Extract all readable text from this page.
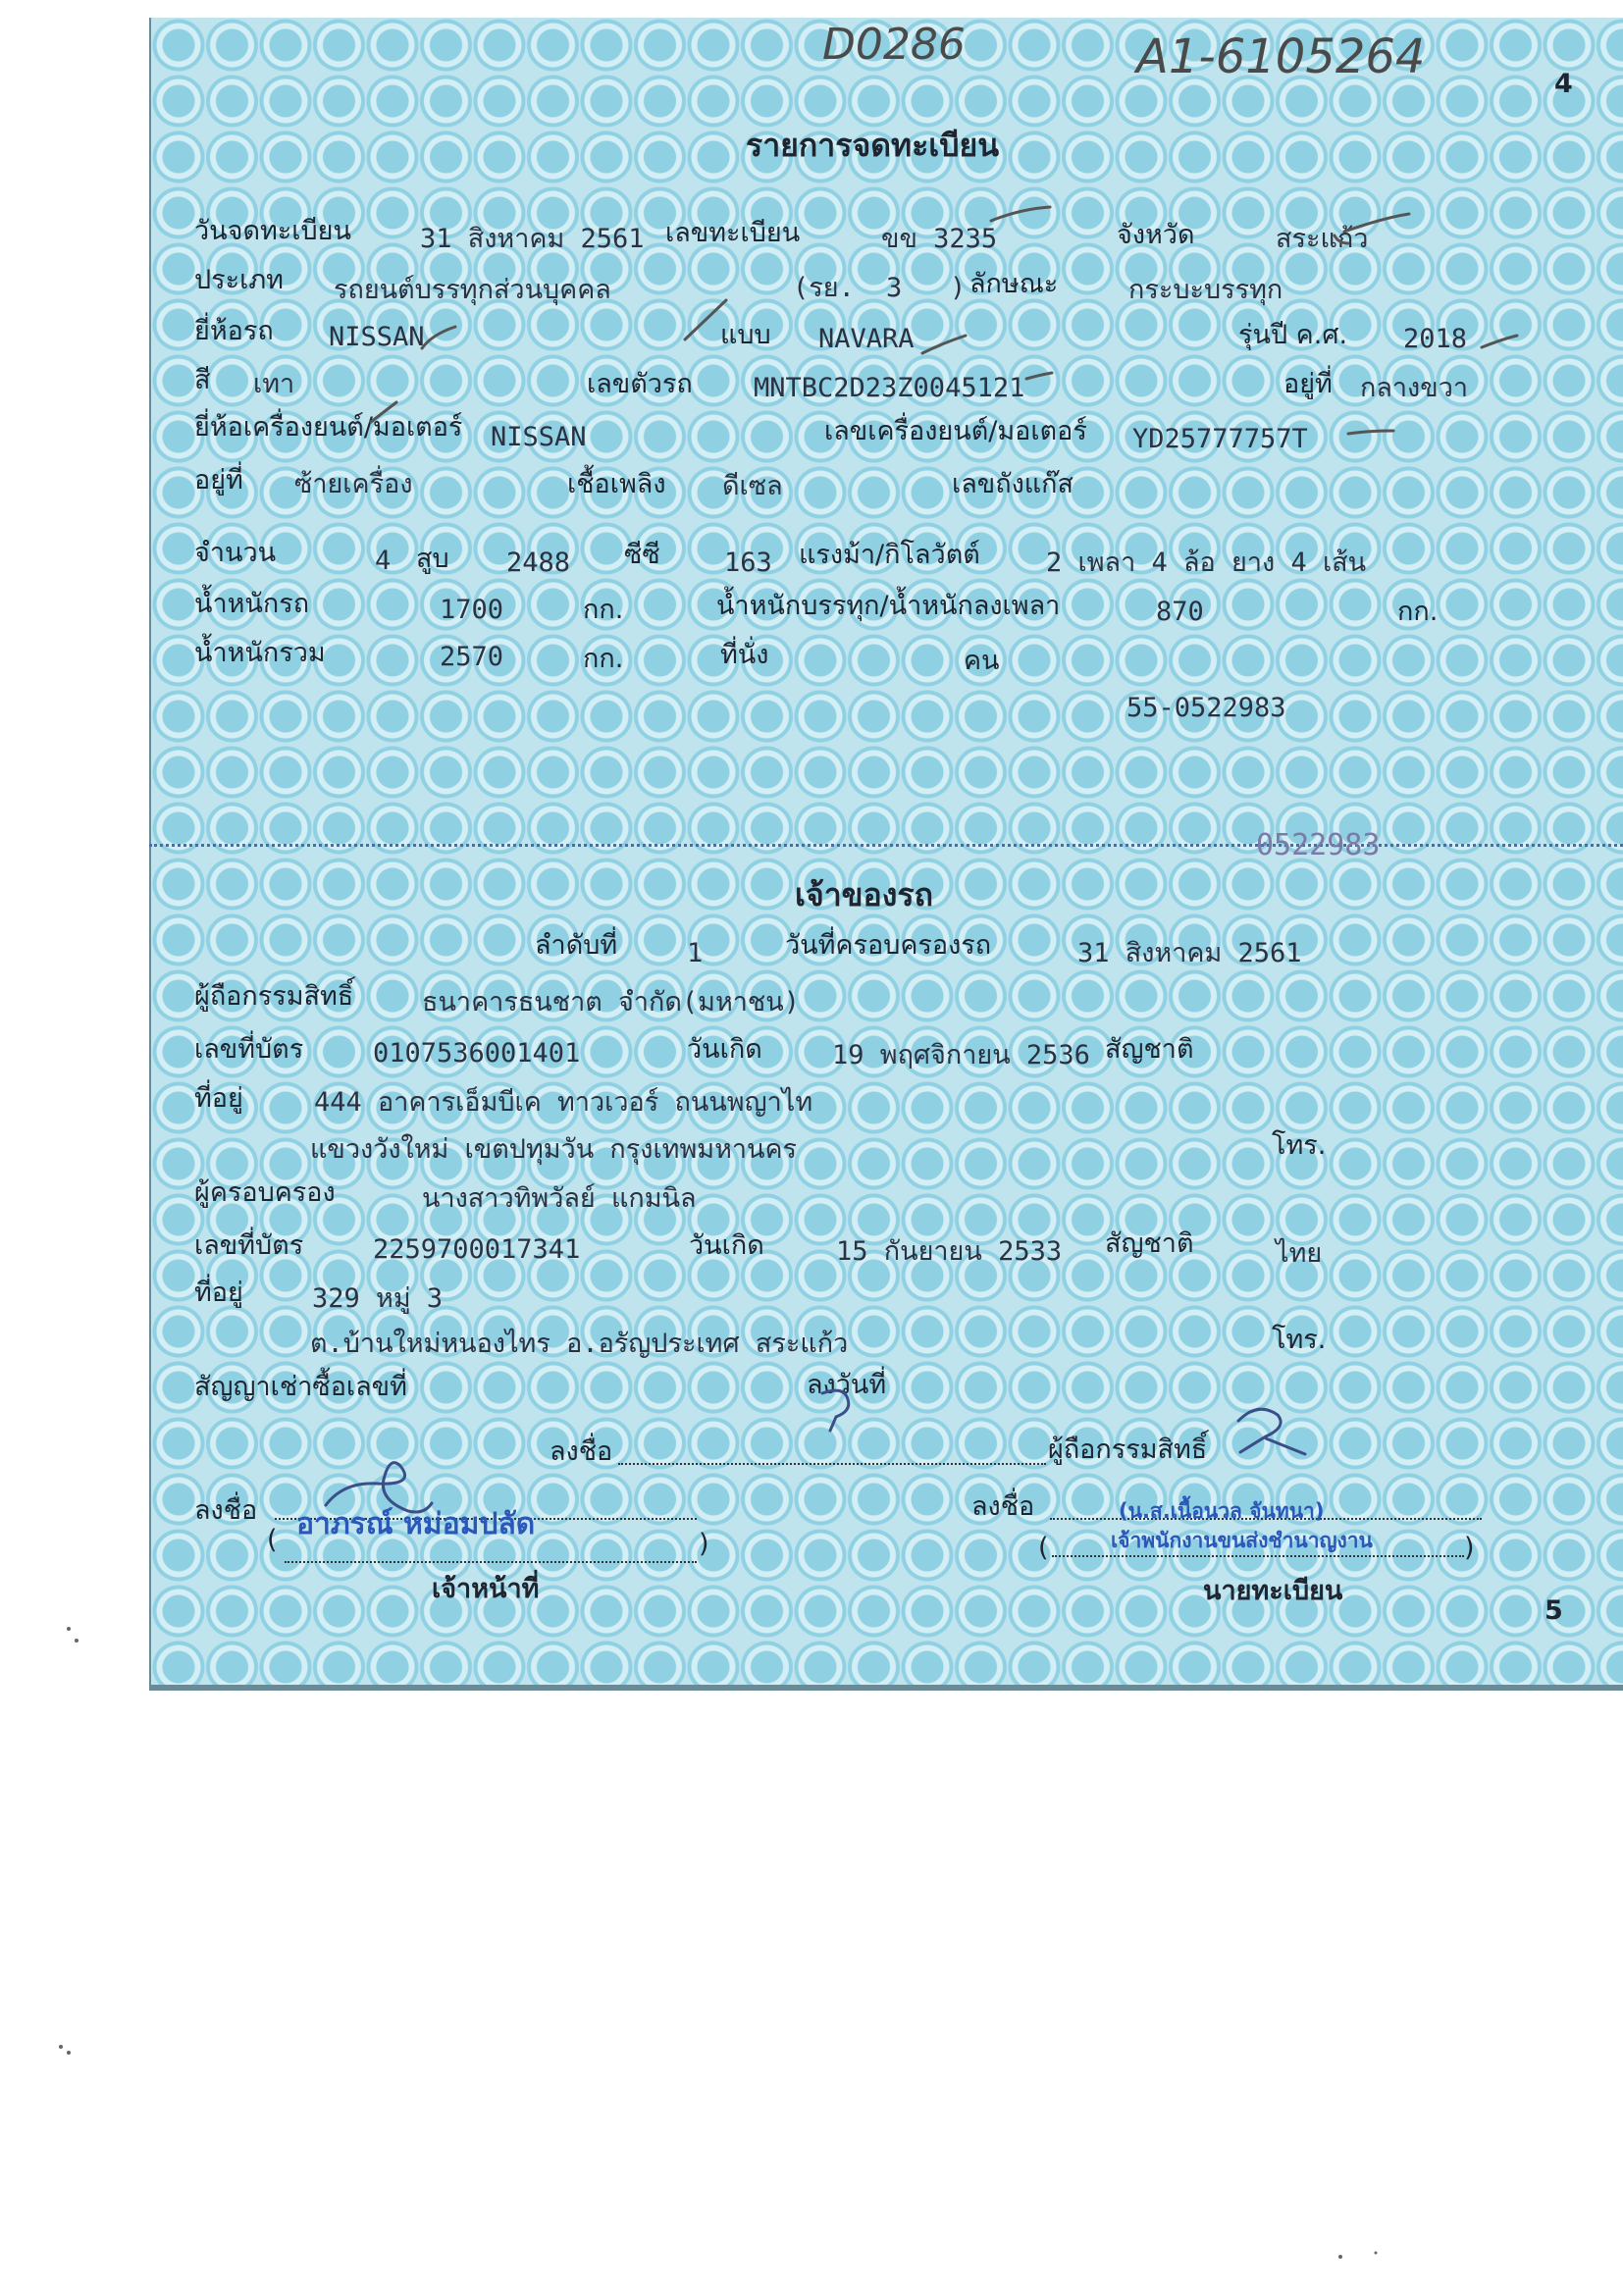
D0286	A1-6105264	4
รายการจดทะเบียน
วันจดทะเบียน	31 สิงหาคม 2561 เลขทะเบียน	ขข 3235	จังหวัด	สระแก้ว
ประเภท รถยนต์บรรทุกส่วนบุคคล	(รย. 3 ) ลักษณะ	กระบะบรรทุก
ยี่ห้อรถ NISSAN	แบบ NAVARA	รุ่นปี ค.ศ. 2018
สี เทา	เลขตัวรถ MNTBC2D23Z0045121	อยู่ที่ กลางขวา
ยี่ห้อเครื่องยนต์/มอเตอร์ NISSAN	เลขเครื่องยนต์/มอเตอร์ YD25777757T
อยู่ที่ ซ้ายเครื่อง	เชื้อเพลิง ดีเซล	เลขถังแก๊ส
จำนวน	4 สูบ 2488 ซีซี 163 แรงม้า/กิโลวัตต์ 2 เพลา 4 ล้อ ยาง 4 เส้น
น้ำหนักรถ	1700	กก.	น้ำหนักบรรทุก/น้ำหนักลงเพลา	870	กก.
น้ำหนักรวม	2570	กก.	ที่นั่ง	คน
55-0522983
0522983
เจ้าของรถ
ลำดับที่	1	วันที่ครอบครองรถ	31 สิงหาคม 2561
ผู้ถือกรรมสิทธิ์	ธนาคารธนชาต จำกัด(มหาชน)
เลขที่บัตร	0107536001401	วันเกิด	19 พฤศจิกายน 2536 สัญชาติ
ที่อยู่	444 อาคารเอ็มบีเค ทาวเวอร์ ถนนพญาไท
แขวงวังใหม่ เขตปทุมวัน กรุงเทพมหานคร	โทร.
ผู้ครอบครอง	นางสาวทิพวัลย์ แกมนิล
เลขที่บัตร	2259700017341	วันเกิด	15 กันยายน 2533 สัญชาติ	ไทย
ที่อยู่	329 หมู่ 3
ต.บ้านใหม่หนองไทร อ.อรัญประเทศ สระแก้ว	โทร.
สัญญาเช่าซื้อเลขที่	ลงวันที่
ลงชื่อ	ผู้ถือกรรมสิทธิ์
ลงชื่อ
( อาภรณ์ หม่อมปลัด
)
เจ้าหน้าที่
ลงชื่อ	(น.ส.เนื้อนวล จันทนา)
(	เจ้าพนักงานขนส่งชำนาญงาน	)
นายทะเบียน
5
